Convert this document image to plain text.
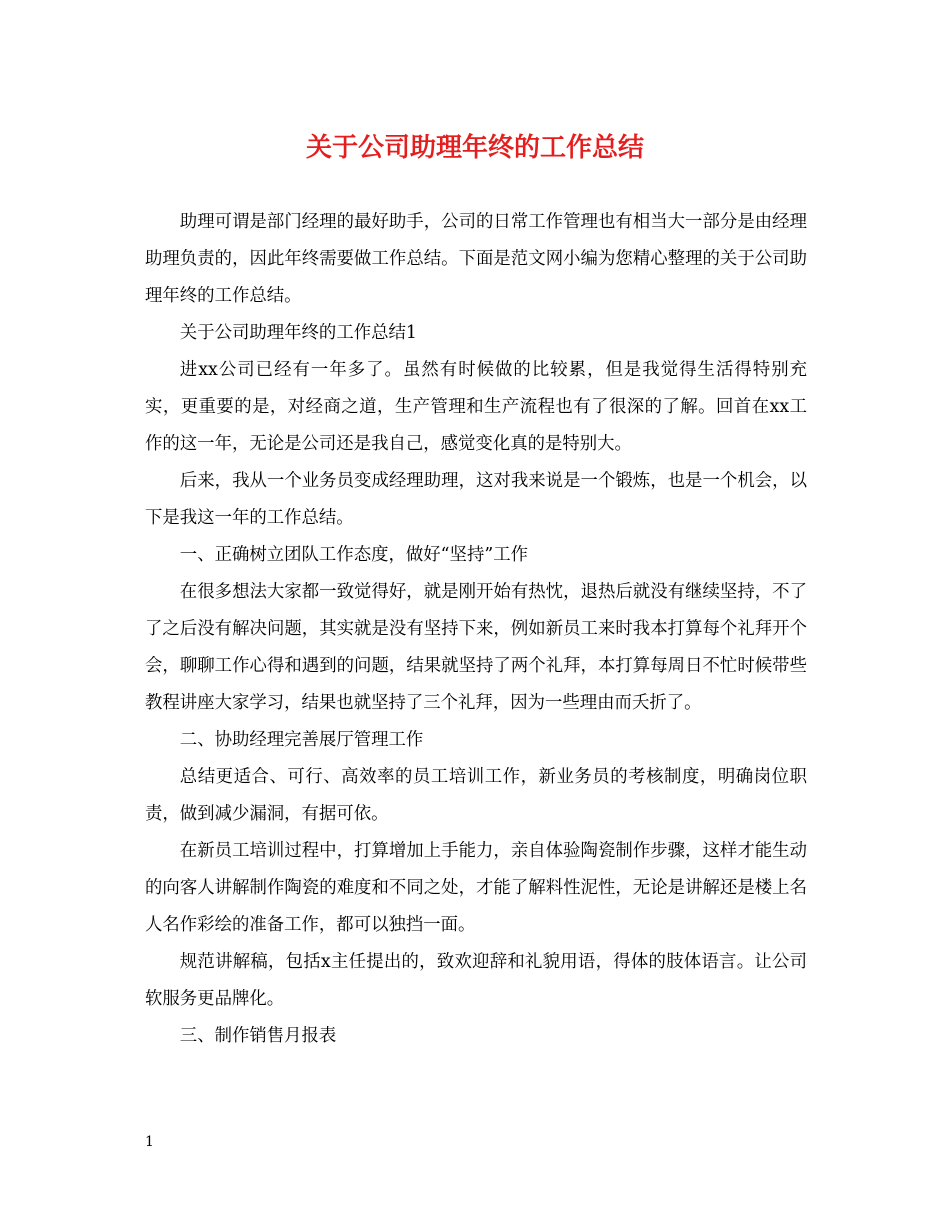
关于公司助理年终的工作总结

助理可谓是部门经理的最好助手，公司的日常工作管理也有相当大一部分是由经理助理负责的，因此年终需要做工作总结。下面是范文网小编为您精心整理的关于公司助理年终的工作总结。

关于公司助理年终的工作总结1

进xx公司已经有一年多了。虽然有时候做的比较累，但是我觉得生活得特别充实，更重要的是，对经商之道，生产管理和生产流程也有了很深的了解。回首在xx工作的这一年，无论是公司还是我自己，感觉变化真的是特别大。

后来，我从一个业务员变成经理助理，这对我来说是一个锻炼，也是一个机会，以下是我这一年的工作总结。

一、正确树立团队工作态度，做好“坚持”工作

在很多想法大家都一致觉得好，就是刚开始有热忱，退热后就没有继续坚持，不了了之后没有解决问题，其实就是没有坚持下来，例如新员工来时我本打算每个礼拜开个会，聊聊工作心得和遇到的问题，结果就坚持了两个礼拜，本打算每周日不忙时候带些教程讲座大家学习，结果也就坚持了三个礼拜，因为一些理由而夭折了。

二、协助经理完善展厅管理工作

总结更适合、可行、高效率的员工培训工作，新业务员的考核制度，明确岗位职责，做到减少漏洞，有据可依。

在新员工培训过程中，打算增加上手能力，亲自体验陶瓷制作步骤，这样才能生动的向客人讲解制作陶瓷的难度和不同之处，才能了解料性泥性，无论是讲解还是楼上名人名作彩绘的准备工作，都可以独挡一面。

规范讲解稿，包括x主任提出的，致欢迎辞和礼貌用语，得体的肢体语言。让公司软服务更品牌化。

三、制作销售月报表

1
